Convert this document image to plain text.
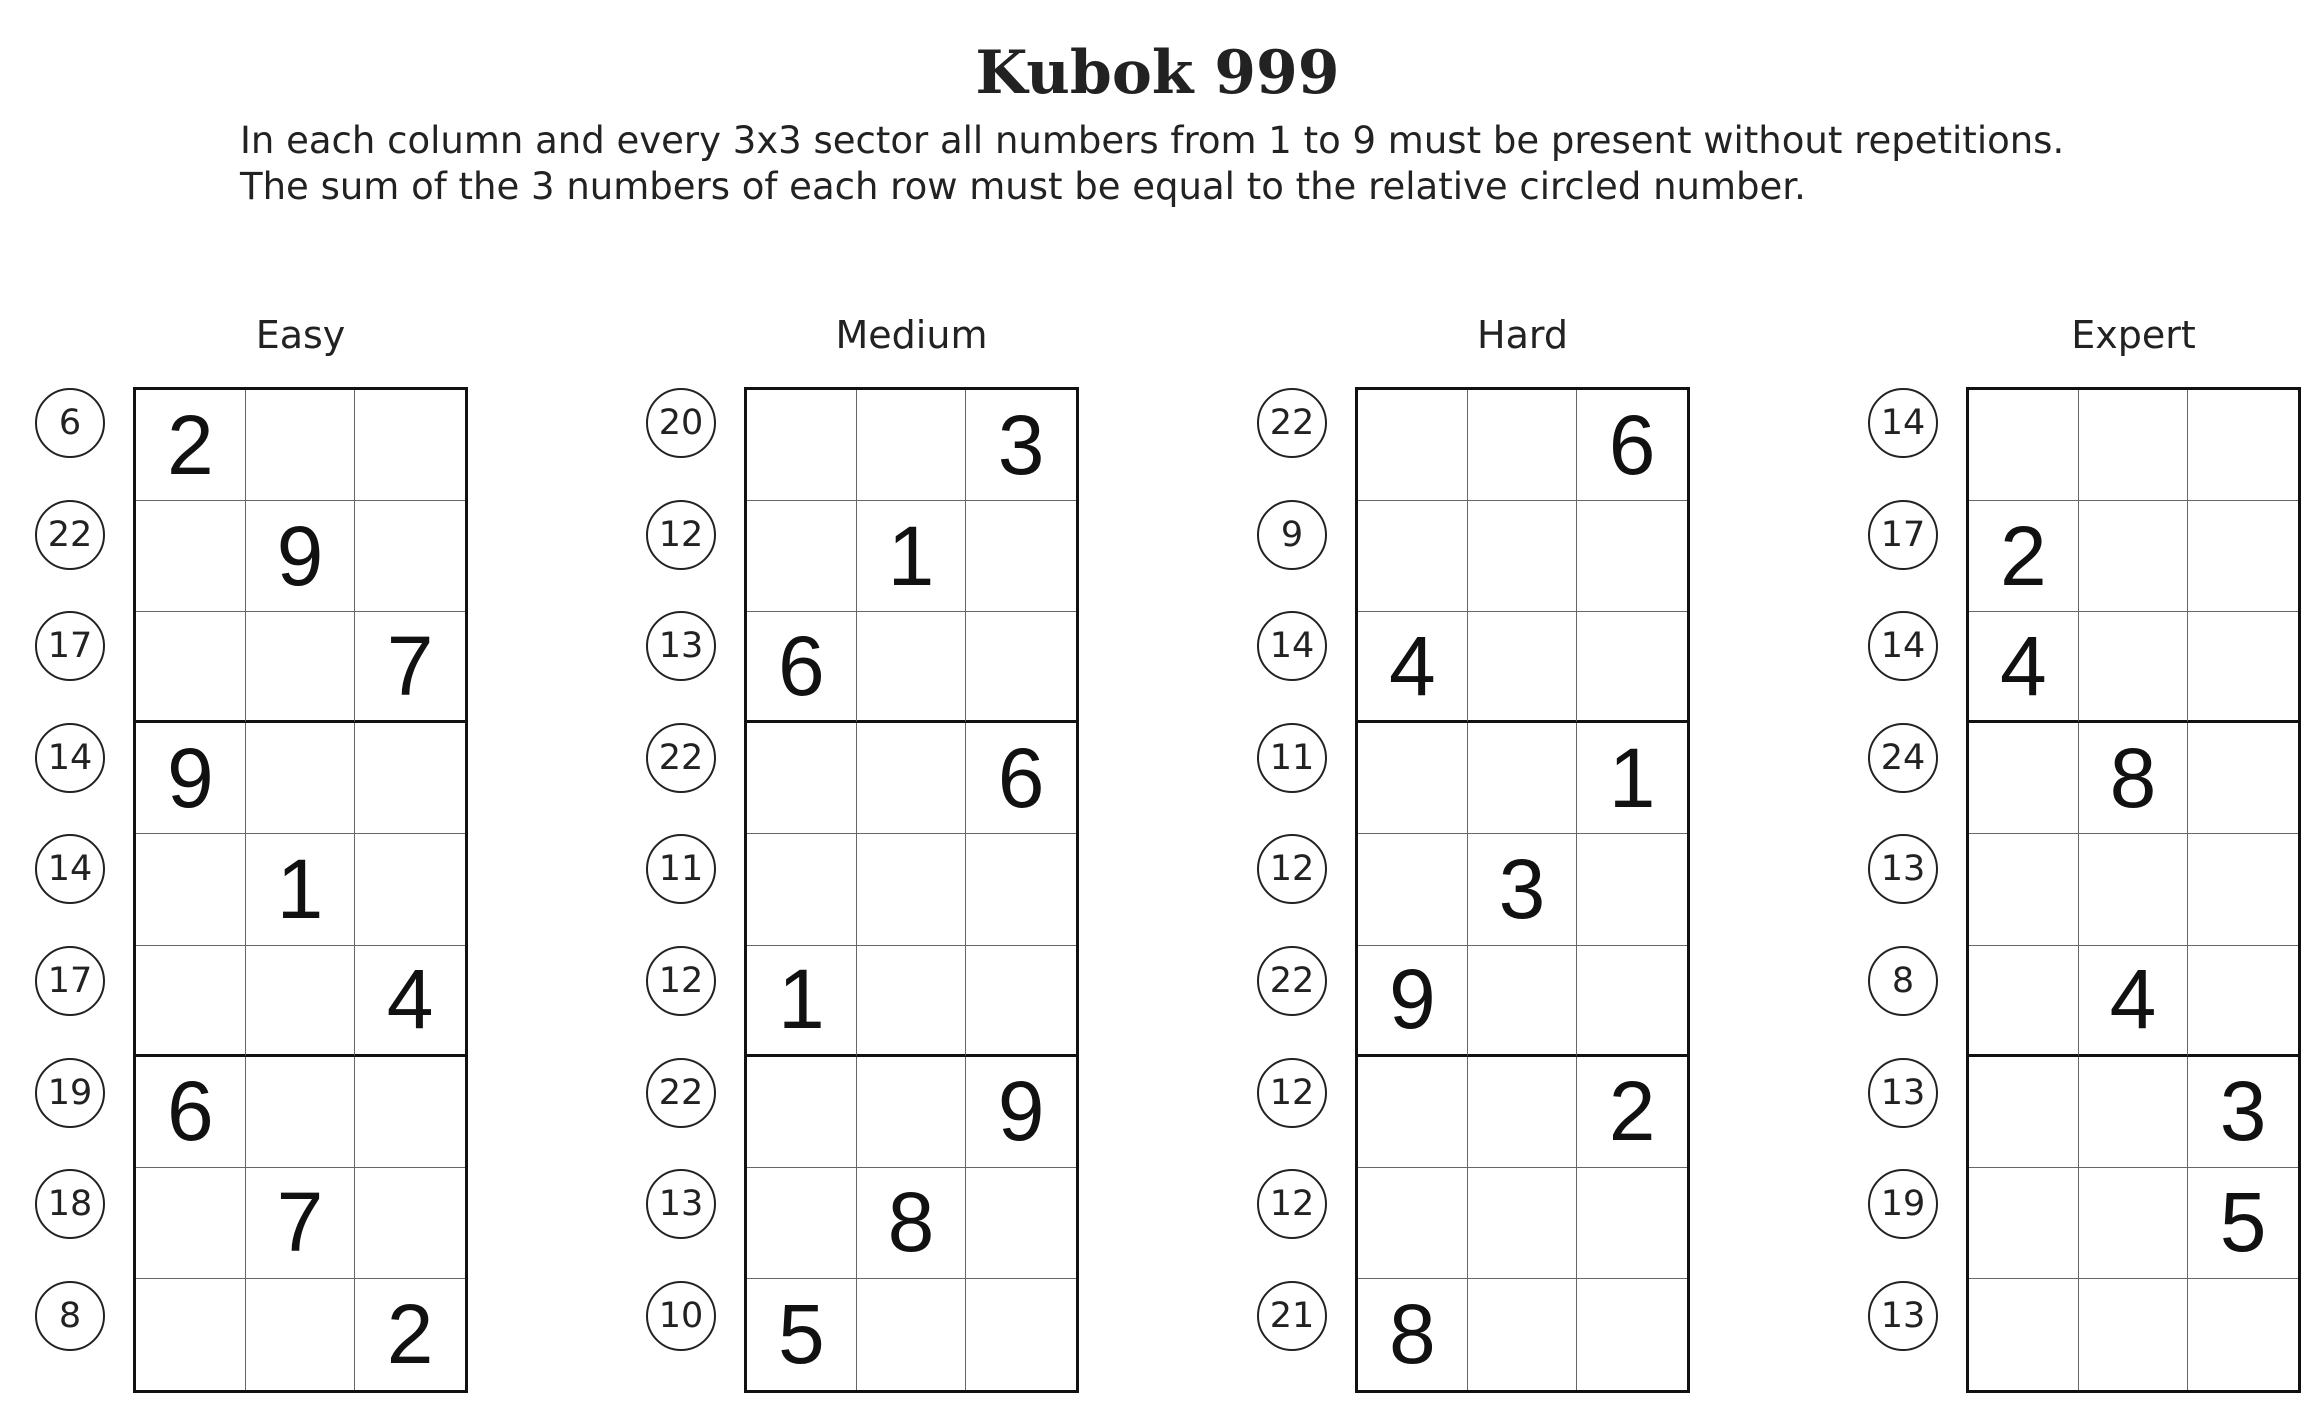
Kubok 999
In each column and every 3x3 sector all numbers from 1 to 9 must be present without repetitions.
The sum of the 3 numbers of each row must be equal to the relative circled number.
Easy
6
22
17
14
14
17
19
18
8
2
9
7
9
1
4
6
7
2
Medium
20
12
13
22
11
12
22
13
10
3
1
6
6
1
9
8
5
Hard
22
9
14
11
12
22
12
12
21
6
4
1
3
9
2
8
Expert
14
17
14
24
13
8
13
19
13
2
4
8
4
3
5
